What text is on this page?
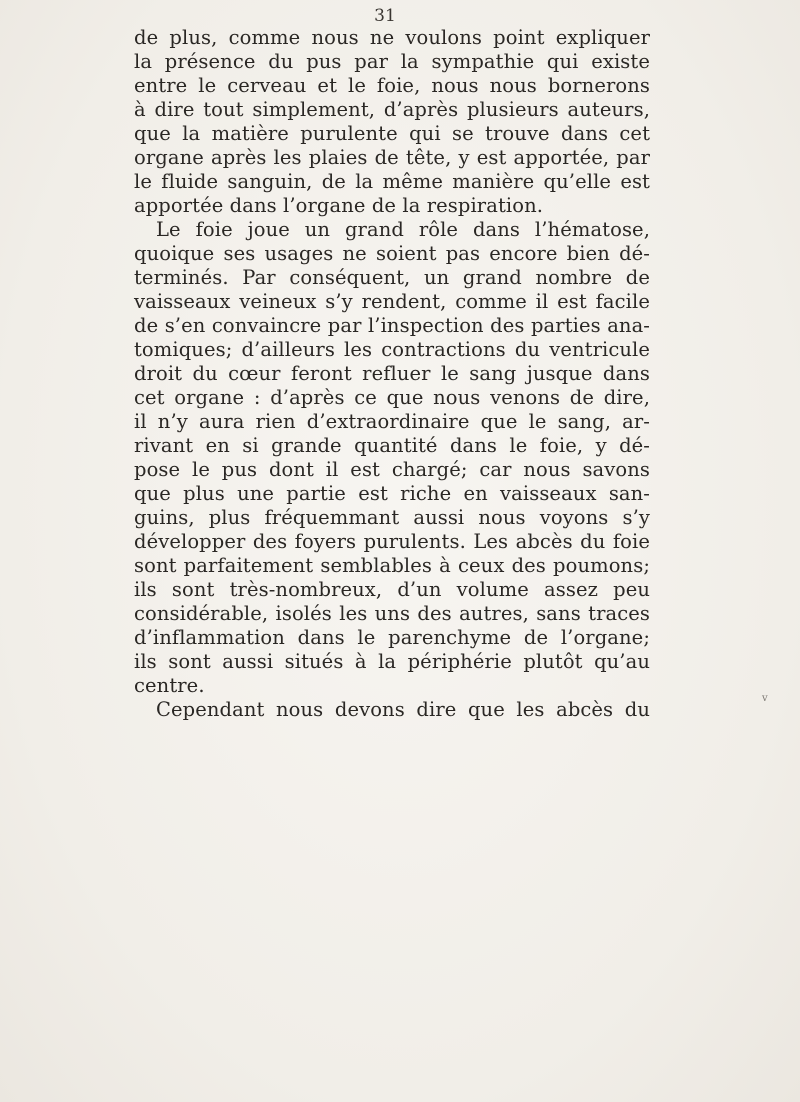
31
de plus, comme nous ne voulons point expliquer
la présence du pus par la sympathie qui existe
entre le cerveau et le foie, nous nous bornerons
à dire tout simplement, d’après plusieurs auteurs,
que la matière purulente qui se trouve dans cet
organe après les plaies de tête, y est apportée, par
le fluide sanguin, de la même manière qu’elle est
apportée dans l’organe de la respiration.
Le foie joue un grand rôle dans l’hématose,
quoique ses usages ne soient pas encore bien dé-
terminés. Par conséquent, un grand nombre de
vaisseaux veineux s’y rendent, comme il est facile
de s’en convaincre par l’inspection des parties ana-
tomiques; d’ailleurs les contractions du ventricule
droit du cœur feront refluer le sang jusque dans
cet organe : d’après ce que nous venons de dire,
il n’y aura rien d’extraordinaire que le sang, ar-
rivant en si grande quantité dans le foie, y dé-
pose le pus dont il est chargé; car nous savons
que plus une partie est riche en vaisseaux san-
guins, plus fréquemmant aussi nous voyons s’y
développer des foyers purulents. Les abcès du foie
sont parfaitement semblables à ceux des poumons;
ils sont très-nombreux, d’un volume assez peu
considérable, isolés les uns des autres, sans traces
d’inflammation dans le parenchyme de l’organe;
ils sont aussi situés à la périphérie plutôt qu’au
centre.
Cependant nous devons dire que les abcès du	v
